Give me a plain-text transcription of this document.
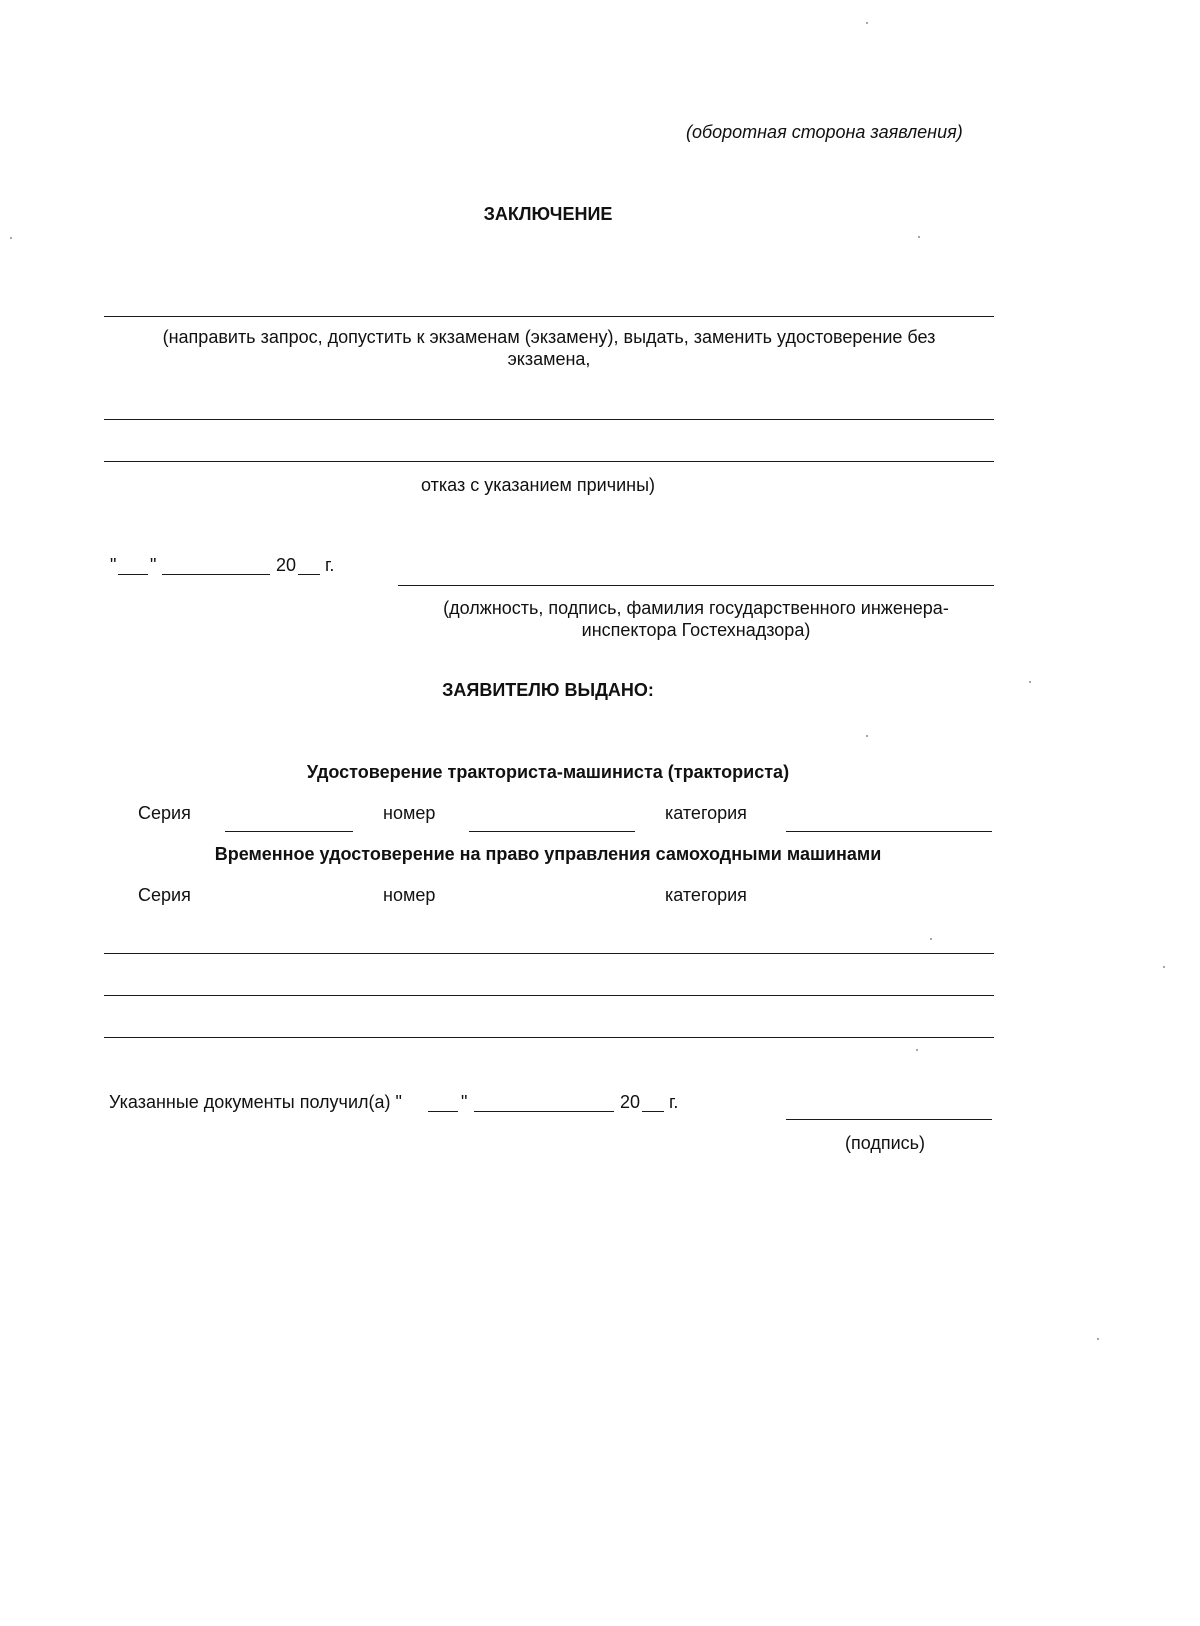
(оборотная сторона заявления)
ЗАКЛЮЧЕНИЕ
(направить запрос, допустить к экзаменам (экзамену), выдать, заменить удостоверение без
экзамена,
отказ с указанием причины)
" "	20 г.
(должность, подпись, фамилия государственного инженера-
инспектора Гостехнадзора)
ЗАЯВИТЕЛЮ ВЫДАНО:
Удостоверение тракториста-машиниста (тракториста)
Серия	номер	категория
Временное удостоверение на право управления самоходными машинами
Серия	номер	категория
Указанные документы получил(а) "	"	20 г.
(подпись)
